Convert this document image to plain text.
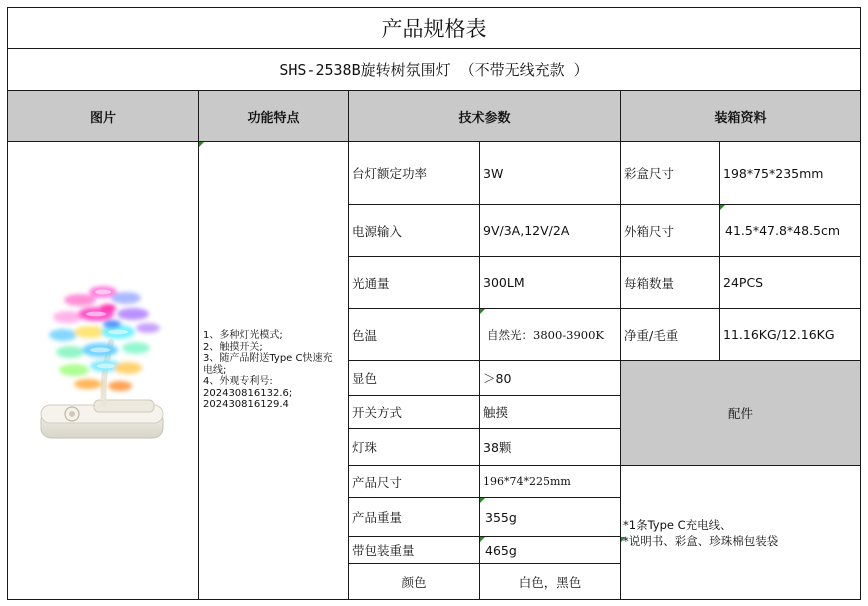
产品规格表
SHS-2538B旋转树氛围灯 （不带无线充款 ）
图片	功能特点	技术参数	装箱资料
1、多种灯光模式;
2、触摸开关;
3、随产品附送Type C快速充
电线;
4、外观专利号:
202430816132.6;
202430816129.4
台灯额定功率	3W
电源输入	9V/3A,12V/2A
光通量	300LM
色温	自然光：3800-3900K
显色	＞80
开关方式	触摸
灯珠	38颗
产品尺寸	196*74*225mm
产品重量	355g
带包装重量	465g
颜色	白色，黑色
彩盒尺寸	198*75*235mm
外箱尺寸	41.5*47.8*48.5cm
每箱数量	24PCS
净重/毛重	11.16KG/12.16KG
配件
*1条Type C充电线、
*说明书、彩盒、珍珠棉包装袋
